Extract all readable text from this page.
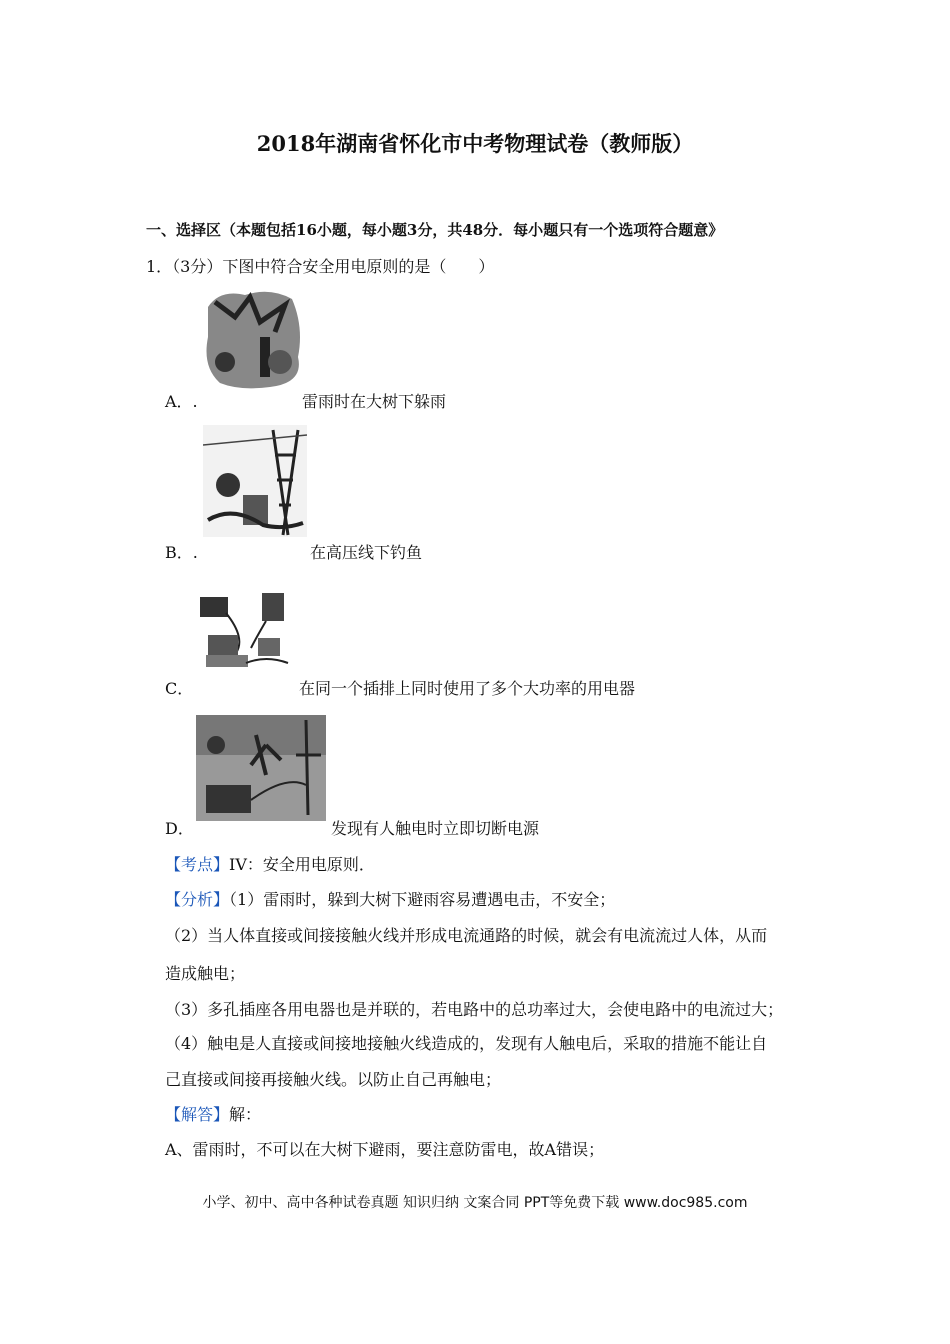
2018年湖南省怀化市中考物理试卷（教师版）
一、选择区（本题包括16小题，每小题3分，共48分．每小题只有一个选项符合题意》
1．（3分）下图中符合安全用电原则的是（　　）
A．.	雷雨时在大树下躲雨
B．.	在高压线下钓鱼
C．	在同一个插排上同时使用了多个大功率的用电器
D．	发现有人触电时立即切断电源
【考点】IV：安全用电原则．
【分析】（1）雷雨时，躲到大树下避雨容易遭遇电击，不安全；
（2）当人体直接或间接接触火线并形成电流通路的时候，就会有电流流过人体，从而
造成触电；
（3）多孔插座各用电器也是并联的，若电路中的总功率过大，会使电路中的电流过大；
（4）触电是人直接或间接地接触火线造成的，发现有人触电后，采取的措施不能让自
己直接或间接再接触火线。以防止自己再触电；
【解答】解：
A、雷雨时，不可以在大树下避雨，要注意防雷电，故A错误；
小学、初中、高中各种试卷真题 知识归纳 文案合同 PPT等免费下载 www.doc985.com
